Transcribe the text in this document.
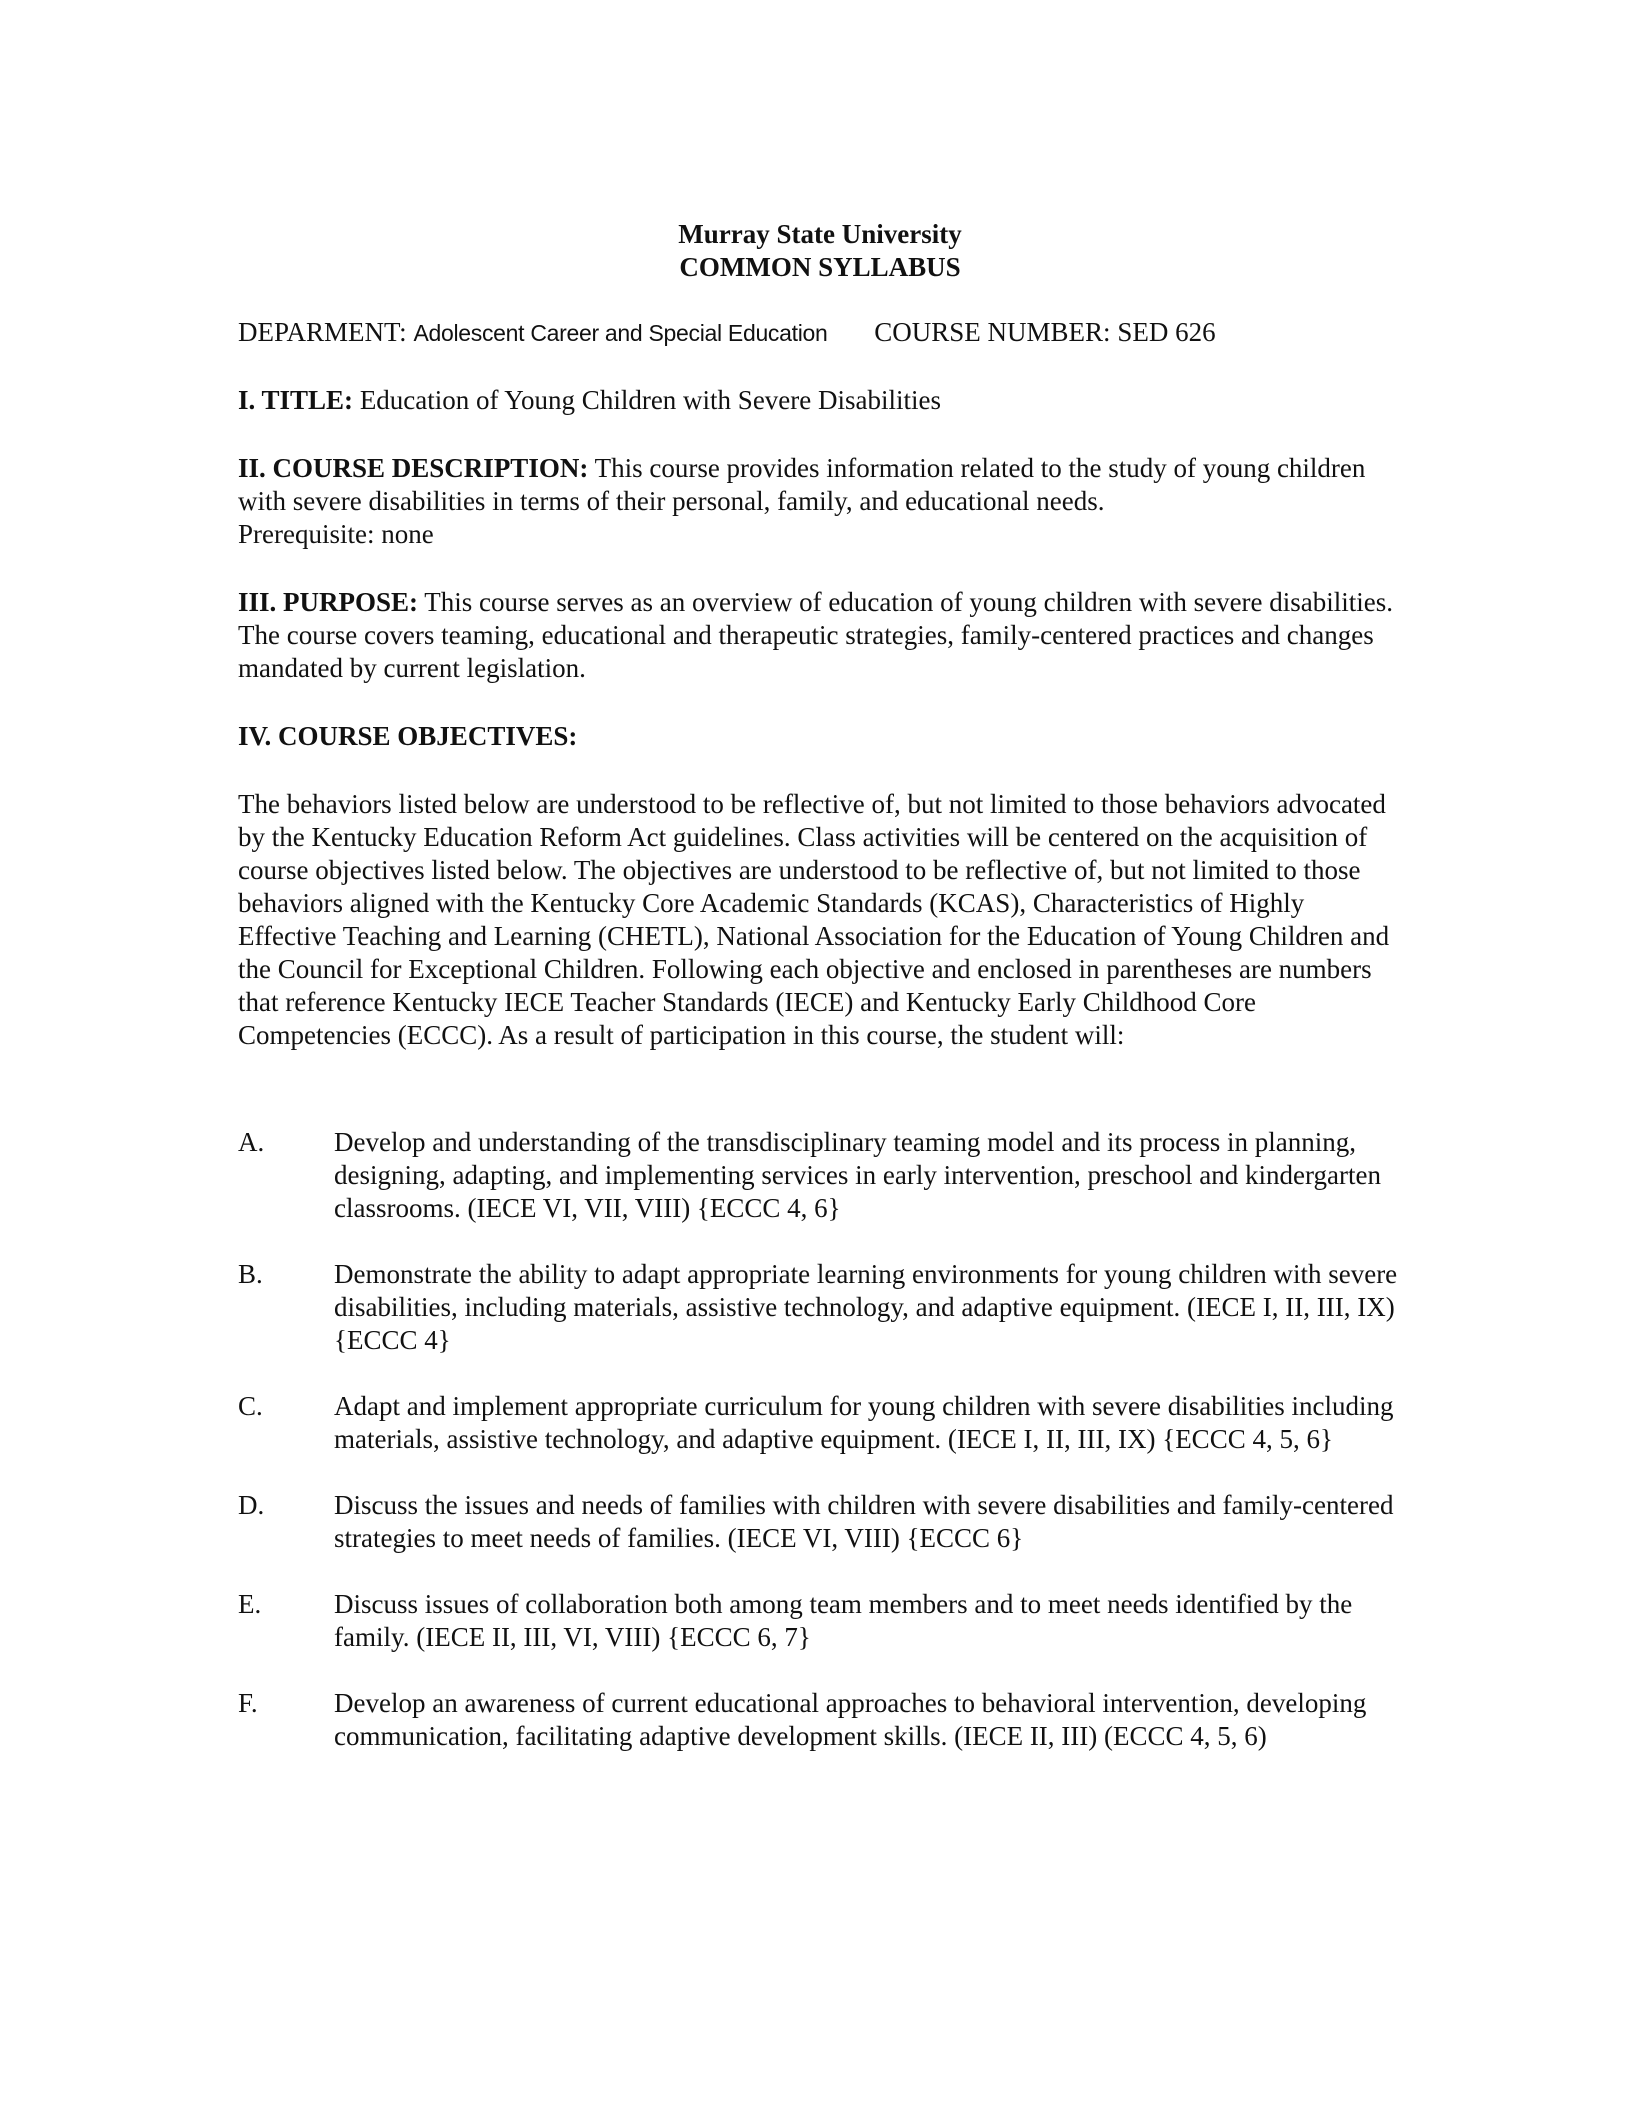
Murray State University
COMMON SYLLABUS
DEPARMENT: Adolescent Career and Special Education COURSE NUMBER: SED 626
I. TITLE: Education of Young Children with Severe Disabilities
II. COURSE DESCRIPTION: This course provides information related to the study of young children with severe disabilities in terms of their personal, family, and educational needs.
Prerequisite: none
III. PURPOSE: This course serves as an overview of education of young children with severe disabilities. The course covers teaming, educational and therapeutic strategies, family-centered practices and changes mandated by current legislation.
IV. COURSE OBJECTIVES:
The behaviors listed below are understood to be reflective of, but not limited to those behaviors advocated by the Kentucky Education Reform Act guidelines. Class activities will be centered on the acquisition of course objectives listed below. The objectives are understood to be reflective of, but not limited to those behaviors aligned with the Kentucky Core Academic Standards (KCAS), Characteristics of Highly Effective Teaching and Learning (CHETL), National Association for the Education of Young Children and the Council for Exceptional Children. Following each objective and enclosed in parentheses are numbers that reference Kentucky IECE Teacher Standards (IECE) and Kentucky Early Childhood Core Competencies (ECCC). As a result of participation in this course, the student will:
A.	Develop and understanding of the transdisciplinary teaming model and its process in planning, designing, adapting, and implementing services in early intervention, preschool and kindergarten classrooms. (IECE VI, VII, VIII) {ECCC 4, 6}
B.	Demonstrate the ability to adapt appropriate learning environments for young children with severe disabilities, including materials, assistive technology, and adaptive equipment. (IECE I, II, III, IX) {ECCC 4}
C.	Adapt and implement appropriate curriculum for young children with severe disabilities including materials, assistive technology, and adaptive equipment. (IECE I, II, III, IX) {ECCC 4, 5, 6}
D.	Discuss the issues and needs of families with children with severe disabilities and family-centered strategies to meet needs of families. (IECE VI, VIII) {ECCC 6}
E.	Discuss issues of collaboration both among team members and to meet needs identified by the family. (IECE II, III, VI, VIII) {ECCC 6, 7}
F.	Develop an awareness of current educational approaches to behavioral intervention, developing communication, facilitating adaptive development skills. (IECE II, III) (ECCC 4, 5, 6)
